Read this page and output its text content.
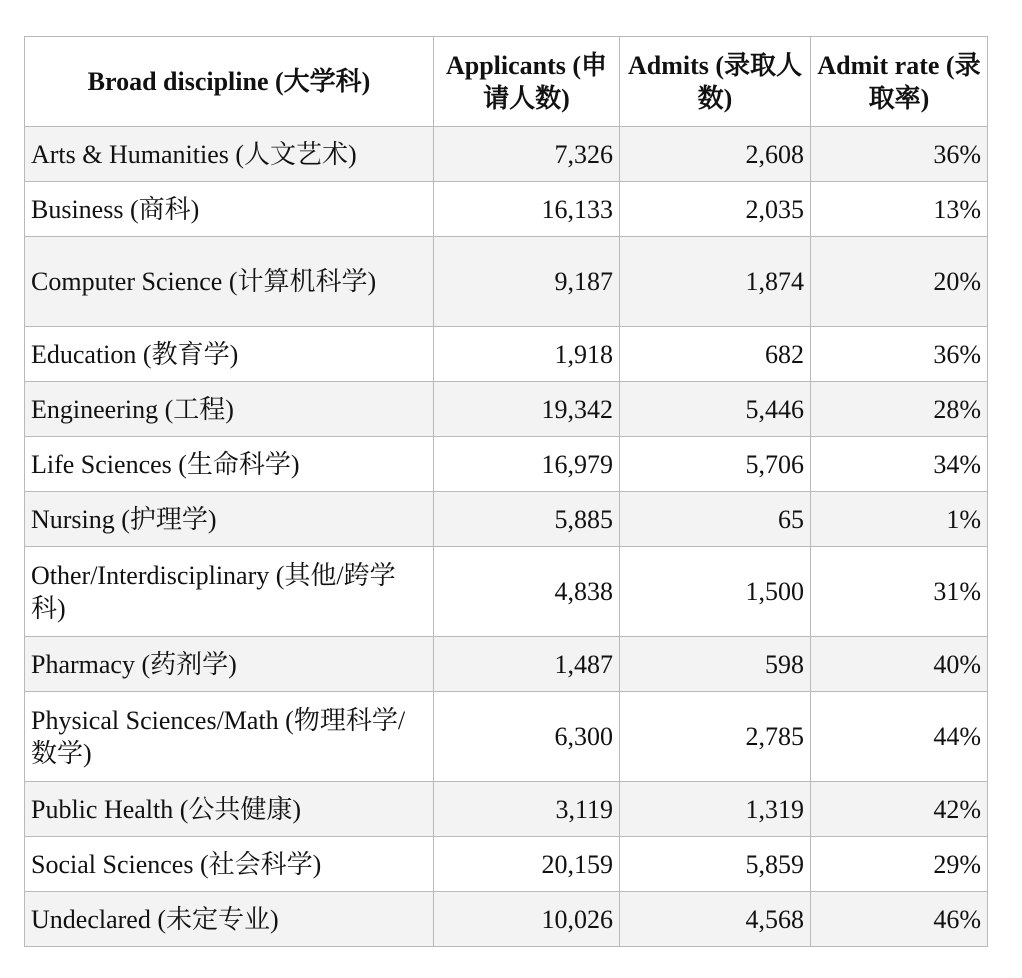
Broad discipline (大学科)	Applicants (申请人数)	Admits (录取人数)	Admit rate (录取率)
Arts & Humanities (人文艺术)	7,326	2,608	36%
Business (商科)	16,133	2,035	13%
Computer Science (计算机科学)	9,187	1,874	20%
Education (教育学)	1,918	682	36%
Engineering (工程)	19,342	5,446	28%
Life Sciences (生命科学)	16,979	5,706	34%
Nursing (护理学)	5,885	65	1%
Other/Interdisciplinary (其他/跨学科)	4,838	1,500	31%
Pharmacy (药剂学)	1,487	598	40%
Physical Sciences/Math (物理科学/数学)	6,300	2,785	44%
Public Health (公共健康)	3,119	1,319	42%
Social Sciences (社会科学)	20,159	5,859	29%
Undeclared (未定专业)	10,026	4,568	46%
